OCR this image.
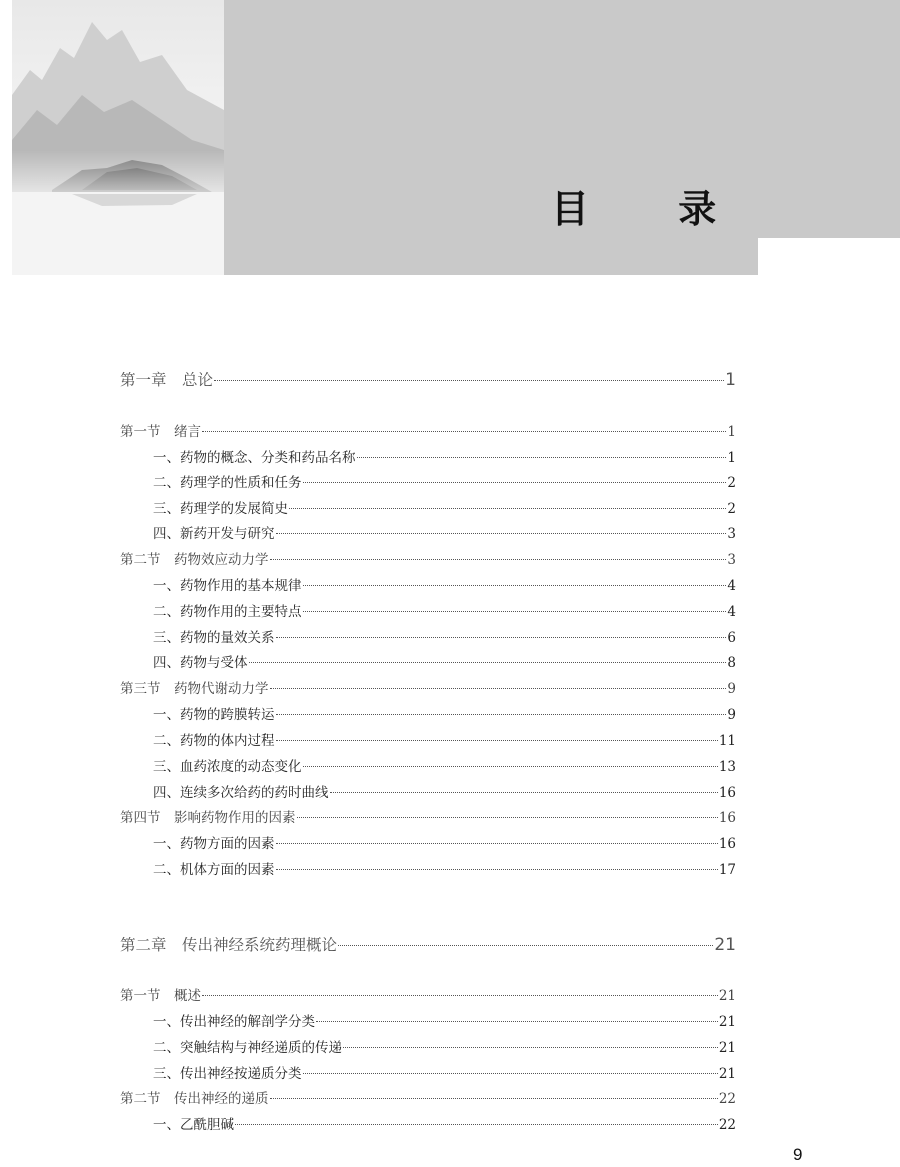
目 录
第一章　总论	1
第一节　绪言	1
一、药物的概念、分类和药品名称	1
二、药理学的性质和任务	2
三、药理学的发展简史	2
四、新药开发与研究	3
第二节　药物效应动力学	3
一、药物作用的基本规律	4
二、药物作用的主要特点	4
三、药物的量效关系	6
四、药物与受体	8
第三节　药物代谢动力学	9
一、药物的跨膜转运	9
二、药物的体内过程	11
三、血药浓度的动态变化	13
四、连续多次给药的药时曲线	16
第四节　影响药物作用的因素	16
一、药物方面的因素	16
二、机体方面的因素	17
第二章　传出神经系统药理概论	21
第一节　概述	21
一、传出神经的解剖学分类	21
二、突触结构与神经递质的传递	21
三、传出神经按递质分类	21
第二节　传出神经的递质	22
一、乙酰胆碱	22
9
